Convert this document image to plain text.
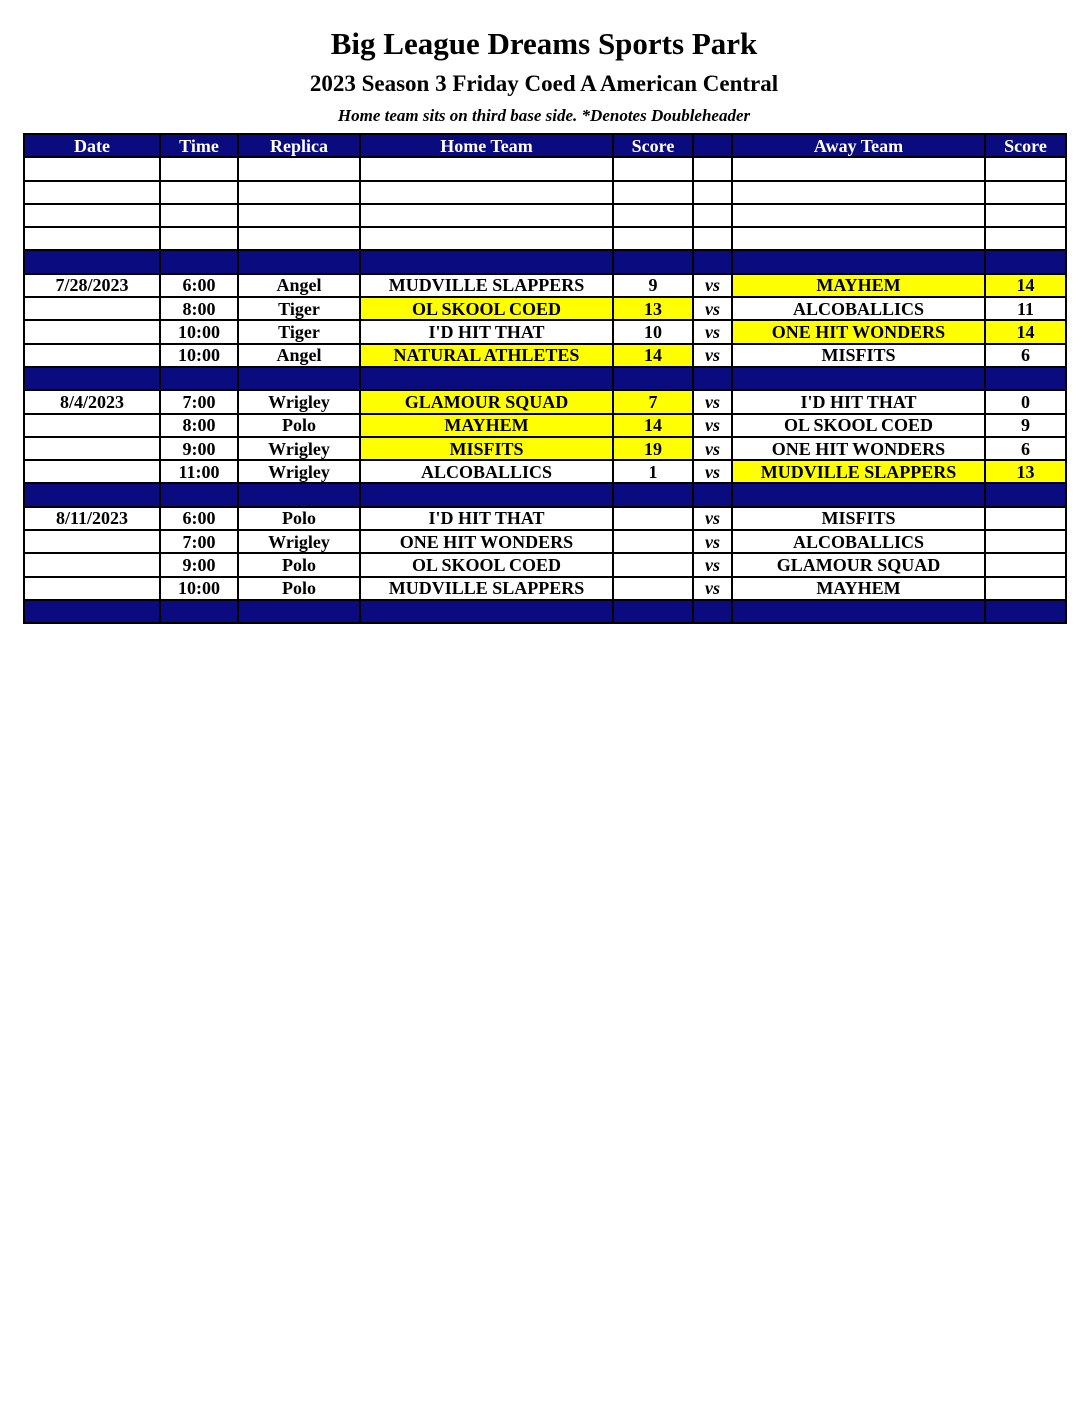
Big League Dreams Sports Park
2023 Season 3 Friday Coed A American Central
Home team sits on third base side. *Denotes Doubleheader
Date	Time	Replica	Home Team	Score		Away Team	Score

7/28/2023	6:00	Angel	MUDVILLE SLAPPERS	9	vs	MAYHEM	14
	8:00	Tiger	OL SKOOL COED	13	vs	ALCOBALLICS	11
	10:00	Tiger	I'D HIT THAT	10	vs	ONE HIT WONDERS	14
	10:00	Angel	NATURAL ATHLETES	14	vs	MISFITS	6

8/4/2023	7:00	Wrigley	GLAMOUR SQUAD	7	vs	I'D HIT THAT	0
	8:00	Polo	MAYHEM	14	vs	OL SKOOL COED	9
	9:00	Wrigley	MISFITS	19	vs	ONE HIT WONDERS	6
	11:00	Wrigley	ALCOBALLICS	1	vs	MUDVILLE SLAPPERS	13

8/11/2023	6:00	Polo	I'D HIT THAT		vs	MISFITS	
	7:00	Wrigley	ONE HIT WONDERS		vs	ALCOBALLICS	
	9:00	Polo	OL SKOOL COED		vs	GLAMOUR SQUAD	
	10:00	Polo	MUDVILLE SLAPPERS		vs	MAYHEM	
